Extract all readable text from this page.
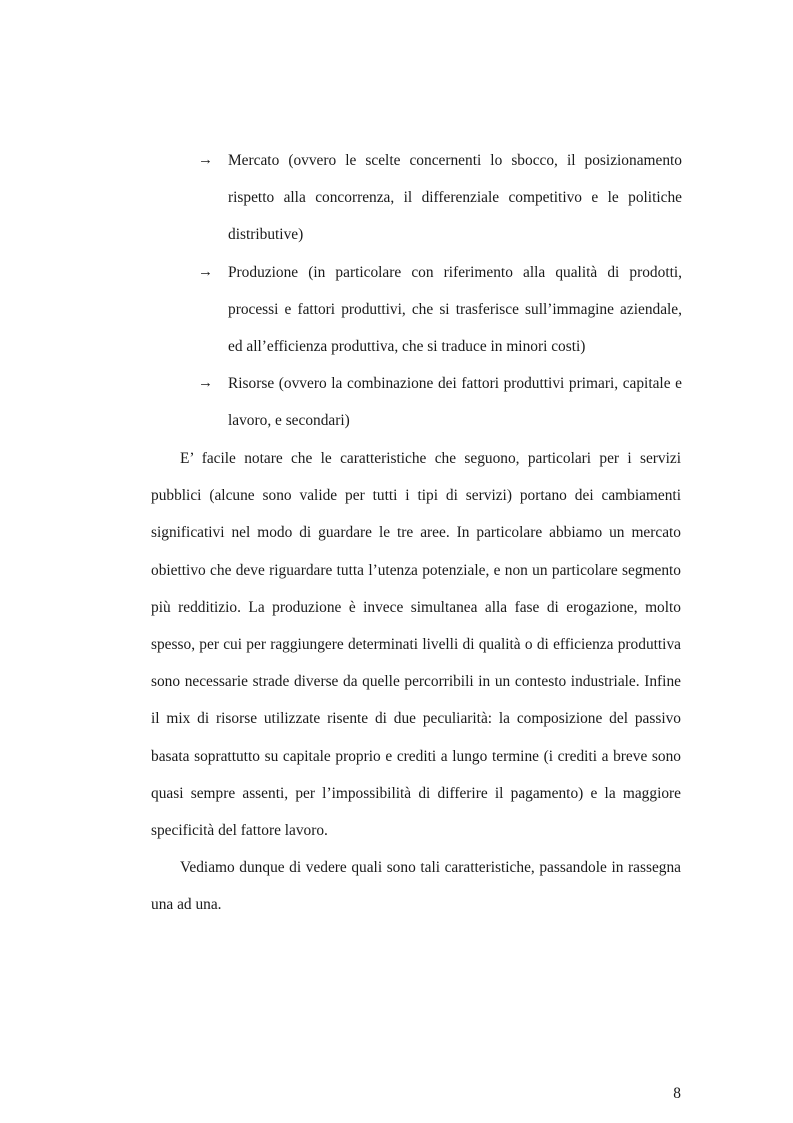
→ Mercato (ovvero le scelte concernenti lo sbocco, il posizionamento rispetto alla concorrenza, il differenziale competitivo e le politiche distributive)
→ Produzione (in particolare con riferimento alla qualità di prodotti, processi e fattori produttivi, che si trasferisce sull’immagine aziendale, ed all’efficienza produttiva, che si traduce in minori costi)
→ Risorse (ovvero la combinazione dei fattori produttivi primari, capitale e lavoro, e secondari)

E’ facile notare che le caratteristiche che seguono, particolari per i servizi pubblici (alcune sono valide per tutti i tipi di servizi) portano dei cambiamenti significativi nel modo di guardare le tre aree. In particolare abbiamo un mercato obiettivo che deve riguardare tutta l’utenza potenziale, e non un particolare segmento più redditizio. La produzione è invece simultanea alla fase di erogazione, molto spesso, per cui per raggiungere determinati livelli di qualità o di efficienza produttiva sono necessarie strade diverse da quelle percorribili in un contesto industriale. Infine il mix di risorse utilizzate risente di due peculiarità: la composizione del passivo basata soprattutto su capitale proprio e crediti a lungo termine (i crediti a breve sono quasi sempre assenti, per l’impossibilità di differire il pagamento) e la maggiore specificità del fattore lavoro.

Vediamo dunque di vedere quali sono tali caratteristiche, passandole in rassegna una ad una.

8
